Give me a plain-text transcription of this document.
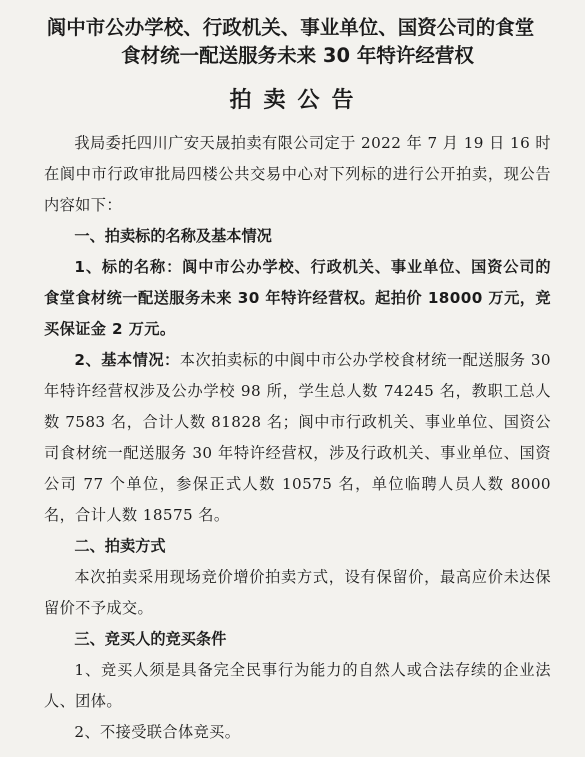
阆中市公办学校、行政机关、事业单位、国资公司的食堂
食材统一配送服务未来 30 年特许经营权
拍卖公告

我局委托四川广安天晟拍卖有限公司定于 2022 年 7 月 19 日 16 时在阆中市行政审批局四楼公共交易中心对下列标的进行公开拍卖，现公告内容如下：

一、拍卖标的名称及基本情况

1、标的名称：阆中市公办学校、行政机关、事业单位、国资公司的食堂食材统一配送服务未来 30 年特许经营权。起拍价 18000 万元，竞买保证金 2 万元。

2、基本情况：本次拍卖标的中阆中市公办学校食材统一配送服务 30 年特许经营权涉及公办学校 98 所，学生总人数 74245 名，教职工总人数 7583 名，合计人数 81828 名；阆中市行政机关、事业单位、国资公司食材统一配送服务 30 年特许经营权，涉及行政机关、事业单位、国资公司 77 个单位，参保正式人数 10575 名，单位临聘人员人数 8000 名，合计人数 18575 名。

二、拍卖方式

本次拍卖采用现场竞价增价拍卖方式，设有保留价，最高应价未达保留价不予成交。

三、竞买人的竞买条件

1、竞买人须是具备完全民事行为能力的自然人或合法存续的企业法人、团体。

2、不接受联合体竞买。
